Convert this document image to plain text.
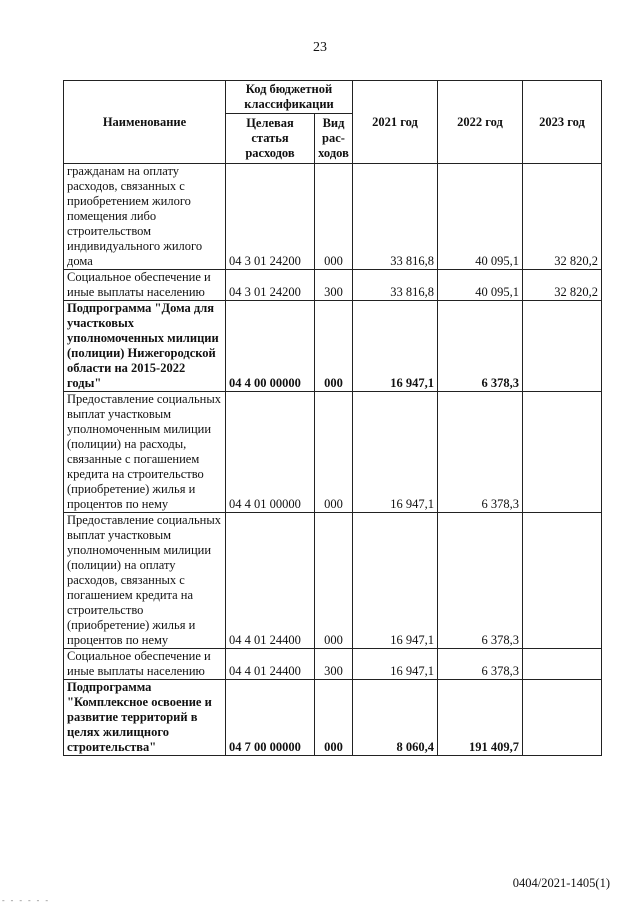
23
Наименование	Код бюджетной классификации		2021 год	2022 год	2023 год
	Целевая статья расходов	Вид рас-ходов			
гражданам на оплату расходов, связанных с приобретением жилого помещения либо строительством индивидуального жилого дома	04 3 01 24200	000	33 816,8	40 095,1	32 820,2
Социальное обеспечение и иные выплаты населению	04 3 01 24200	300	33 816,8	40 095,1	32 820,2
Подпрограмма "Дома для участковых уполномоченных милиции (полиции) Нижегородской области на 2015-2022 годы"	04 4 00 00000	000	16 947,1	6 378,3	
Предоставление социальных выплат участковым уполномоченным милиции (полиции) на расходы, связанные с погашением кредита на строительство (приобретение) жилья и процентов по нему	04 4 01 00000	000	16 947,1	6 378,3	
Предоставление социальных выплат участковым уполномоченным милиции (полиции) на оплату расходов, связанных с погашением кредита на строительство (приобретение) жилья и процентов по нему	04 4 01 24400	000	16 947,1	6 378,3	
Социальное обеспечение и иные выплаты населению	04 4 01 24400	300	16 947,1	6 378,3	
Подпрограмма "Комплексное освоение и развитие территорий в целях жилищного строительства"	04 7 00 00000	000	8 060,4	191 409,7	
0404/2021-1405(1)
- - - - - -
